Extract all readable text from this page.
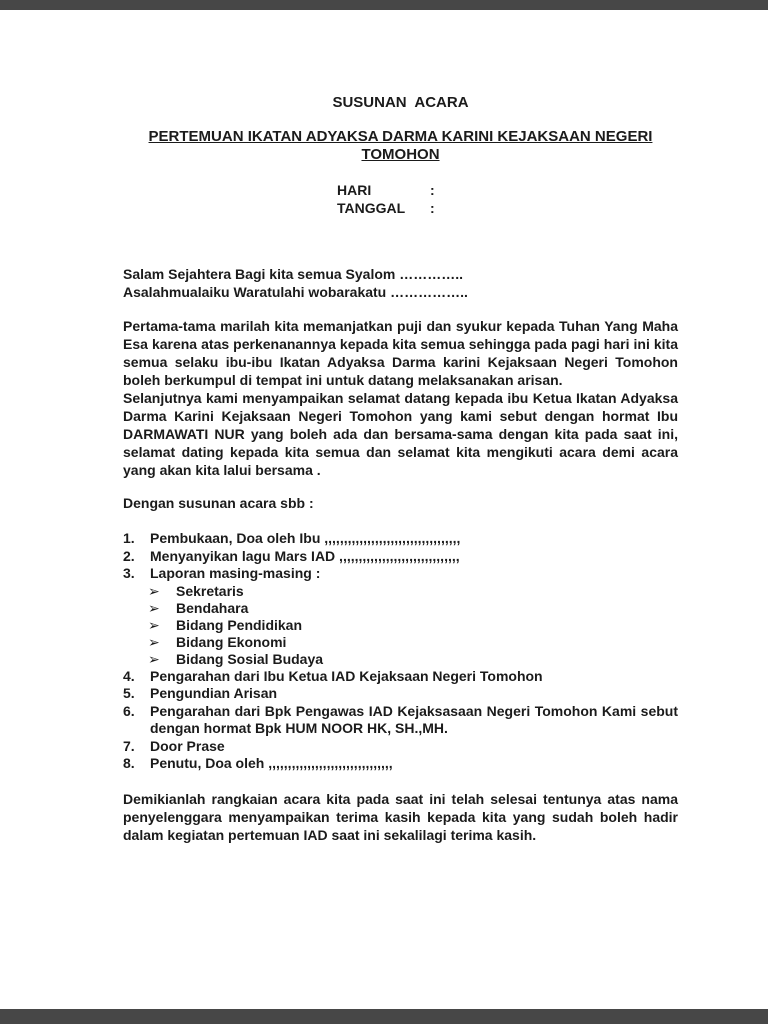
SUSUNAN  ACARA
PERTEMUAN IKATAN ADYAKSA DARMA KARINI KEJAKSAAN NEGERI TOMOHON
HARI	:
TANGGAL :
Salam Sejahtera Bagi kita semua Syalom …………..
Asalahmualaiku Waratulahi wobarakatu ……………..
Pertama-tama marilah kita memanjatkan puji dan syukur kepada Tuhan Yang Maha Esa karena atas perkenanannya kepada kita semua sehingga pada pagi hari ini kita semua selaku ibu-ibu Ikatan Adyaksa Darma karini Kejaksaan Negeri Tomohon boleh berkumpul di tempat ini untuk datang melaksanakan arisan.
Selanjutnya kami menyampaikan selamat datang kepada ibu Ketua Ikatan Adyaksa Darma Karini Kejaksaan Negeri Tomohon yang kami sebut dengan hormat Ibu DARMAWATI NUR yang boleh ada dan bersama-sama dengan kita pada saat ini, selamat dating kepada kita semua dan selamat kita mengikuti acara demi acara yang akan kita lalui bersama .
Dengan susunan acara sbb :
1.	Pembukaan, Doa oleh Ibu ,,,,,,,,,,,,,,,,,,,,,,,,,,,,,,,,,,,
2.	Menyanyikan lagu Mars IAD ,,,,,,,,,,,,,,,,,,,,,,,,,,,,,,,
3.	Laporan masing-masing :
➢	Sekretaris
➢	Bendahara
➢	Bidang Pendidikan
➢	Bidang Ekonomi
➢	Bidang Sosial Budaya
4.	Pengarahan dari Ibu Ketua IAD Kejaksaan Negeri Tomohon
5.	Pengundian Arisan
6.	Pengarahan dari Bpk Pengawas IAD Kejaksasaan Negeri Tomohon Kami sebut dengan hormat Bpk HUM NOOR HK, SH.,MH.
7.	Door Prase
8.	Penutu, Doa oleh ,,,,,,,,,,,,,,,,,,,,,,,,,,,,,,,,
Demikianlah rangkaian acara kita pada saat ini telah selesai tentunya atas nama penyelenggara menyampaikan terima kasih kepada kita yang sudah boleh hadir dalam kegiatan pertemuan IAD saat ini sekalilagi terima kasih.
